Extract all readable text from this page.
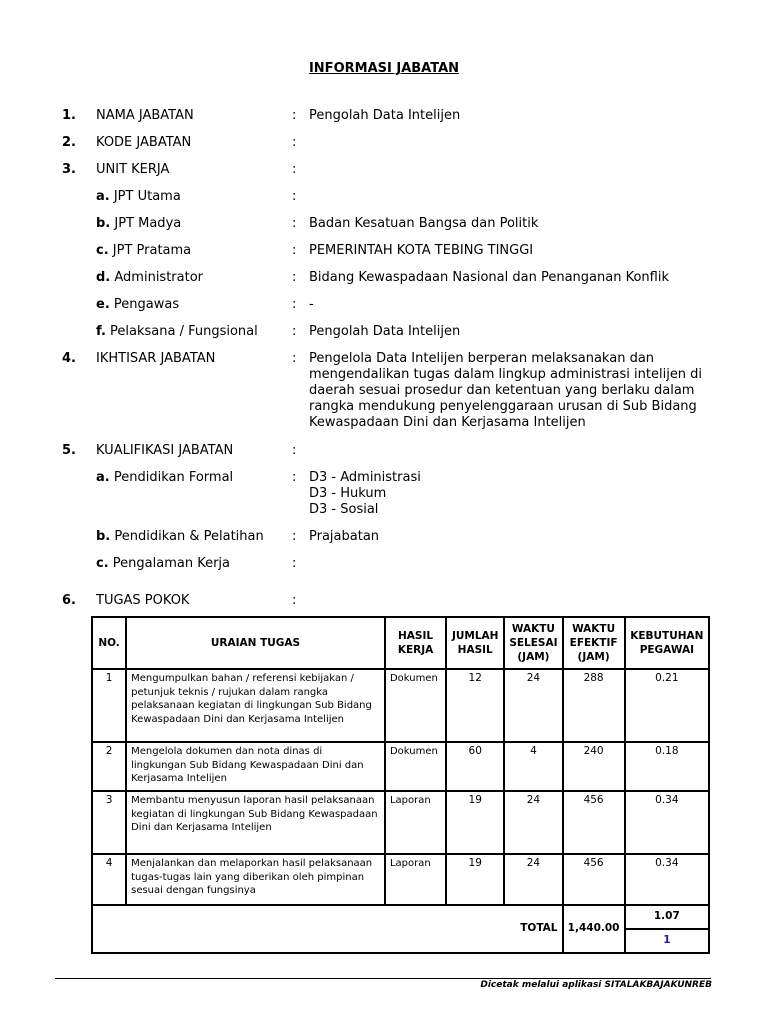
INFORMASI JABATAN
1. NAMA JABATAN	: Pengolah Data Intelijen
2. KODE JABATAN	:
3. UNIT KERJA	:
a. JPT Utama	:
b. JPT Madya	: Badan Kesatuan Bangsa dan Politik
c. JPT Pratama	: PEMERINTAH KOTA TEBING TINGGI
d. Administrator	: Bidang Kewaspadaan Nasional dan Penanganan Konflik
e. Pengawas	: -
f. Pelaksana / Fungsional	: Pengolah Data Intelijen
4. IKHTISAR JABATAN	: Pengelola Data Intelijen berperan melaksanakan dan
mengendalikan tugas dalam lingkup administrasi intelijen di
daerah sesuai prosedur dan ketentuan yang berlaku dalam
rangka mendukung penyelenggaraan urusan di Sub Bidang
Kewaspadaan Dini dan Kerjasama Intelijen
5. KUALIFIKASI JABATAN	:
a. Pendidikan Formal	: D3 - Administrasi
D3 - Hukum
D3 - Sosial
b. Pendidikan & Pelatihan : Prajabatan
c. Pengalaman Kerja	:
6. TUGAS POKOK	:
NO.	URAIAN TUGAS	HASIL KERJA	JUMLAH HASIL	WAKTU SELESAI (JAM)	WAKTU EFEKTIF (JAM)	KEBUTUHAN PEGAWAI
1	Mengumpulkan bahan / referensi kebijakan / petunjuk teknis / rujukan dalam rangka pelaksanaan kegiatan di lingkungan Sub Bidang Kewaspadaan Dini dan Kerjasama Intelijen	Dokumen	12	24	288	0.21
2	Mengelola dokumen dan nota dinas di lingkungan Sub Bidang Kewaspadaan Dini dan Kerjasama Intelijen	Dokumen	60	4	240	0.18
3	Membantu menyusun laporan hasil pelaksanaan kegiatan di lingkungan Sub Bidang Kewaspadaan Dini dan Kerjasama Intelijen	Laporan	19	24	456	0.34
4	Menjalankan dan melaporkan hasil pelaksanaan tugas-tugas lain yang diberikan oleh pimpinan sesuai dengan fungsinya	Laporan	19	24	456	0.34
TOTAL					1,440.00	1.07
						1
Dicetak melalui aplikasi SITALAKBAJAKUNREB
